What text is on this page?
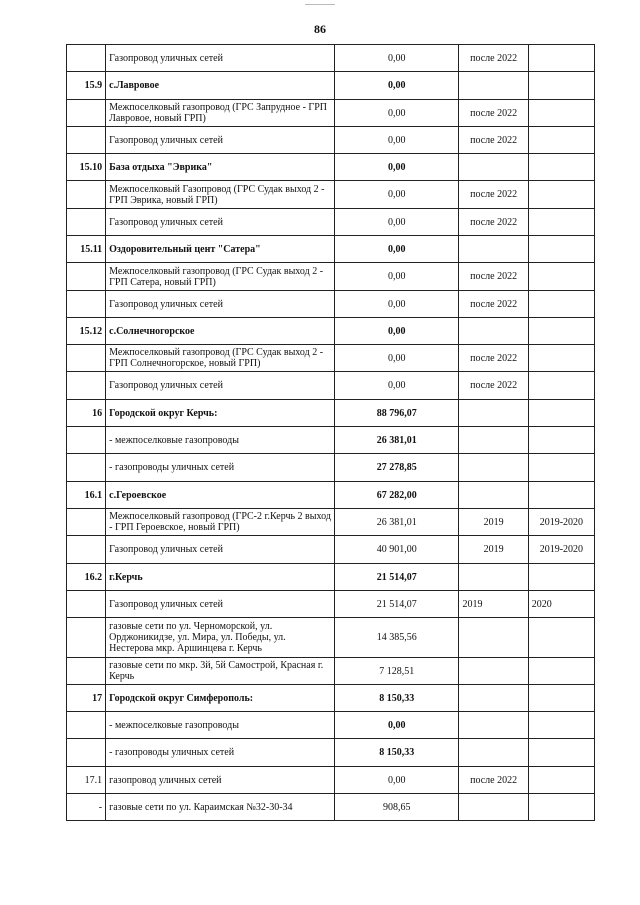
86
	Газопровод уличных сетей	0,00	после 2022	
15.9	с.Лавровое	0,00		
	Межпоселковый газопровод (ГРС Запрудное - ГРП Лавровое, новый ГРП)	0,00	после 2022	
	Газопровод уличных сетей	0,00	после 2022	
15.10	База отдыха "Эврика"	0,00		
	Межпоселковый Газопровод (ГРС Судак выход 2 - ГРП Эврика, новый ГРП)	0,00	после 2022	
	Газопровод уличных сетей	0,00	после 2022	
15.11	Оздоровительный цент "Сатера"	0,00		
	Межпоселковый газопровод (ГРС Судак выход 2 - ГРП Сатера, новый ГРП)	0,00	после 2022	
	Газопровод уличных сетей	0,00	после 2022	
15.12	с.Солнечногорское	0,00		
	Межпоселковый газопровод (ГРС Судак выход 2 - ГРП Солнечногорское, новый ГРП)	0,00	после 2022	
	Газопровод уличных сетей	0,00	после 2022	
16	Городской округ Керчь:	88 796,07		
	- межпоселковые газопроводы	26 381,01		
	- газопроводы уличных сетей	27 278,85		
16.1	с.Героевское	67 282,00		
	Межпоселковый газопровод (ГРС-2 г.Керчь 2 выход - ГРП Героевское, новый ГРП)	26 381,01	2019	2019-2020
	Газопровод уличных сетей	40 901,00	2019	2019-2020
16.2	г.Керчь	21 514,07		
	Газопровод уличных сетей	21 514,07	2019	2020
	газовые сети по ул. Черноморской, ул. Орджоникидзе, ул. Мира, ул. Победы, ул. Нестерова мкр. Аршинцева г. Керчь	14 385,56		
	газовые сети по мкр. 3й, 5й Самострой, Красная г. Керчь	7 128,51		
17	Городской округ Симферополь:	8 150,33		
	- межпоселковые газопроводы	0,00		
	- газопроводы уличных сетей	8 150,33		
17.1	газопровод уличных сетей	0,00	после 2022	
-	газовые сети по ул. Караимская №32-30-34	908,65		
